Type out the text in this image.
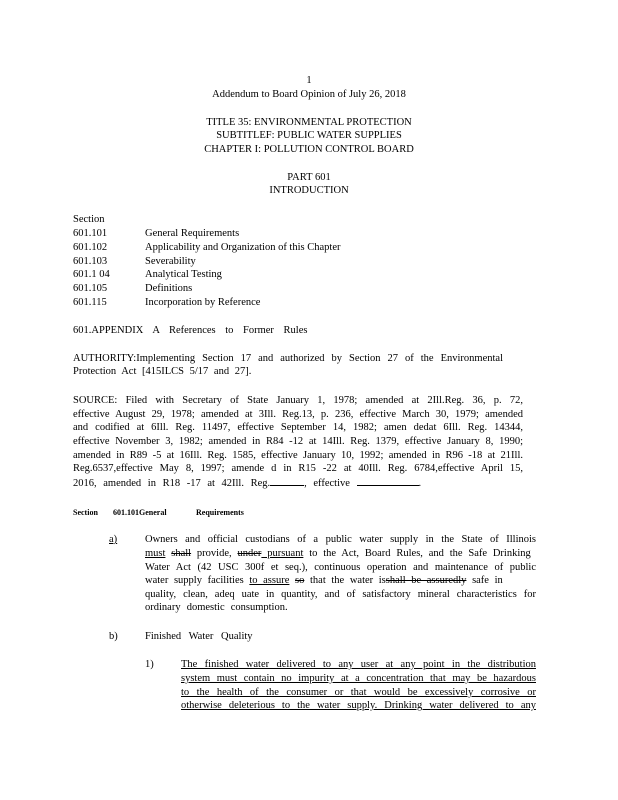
1
Addendum to Board Opinion of July 26, 2018
TITLE 35: ENVIRONMENTAL PROTECTION
SUBTITLEF: PUBLIC WATER SUPPLIES
CHAPTER I: POLLUTION CONTROL BOARD
PART 601
INTRODUCTION
Section
601.101	General Requirements
601.102	Applicability and Organization of this Chapter
601.103	Severability
601.1 04	Analytical Testing
601.105	Definitions
601.115	Incorporation by Reference
601.APPENDIX A References to Former Rules
AUTHORITY:Implementing Section 17 and authorized by Section 27 of the Environmental
Protection Act [415ILCS 5/17 and 27].
SOURCE: Filed with Secretary of State January 1, 1978; amended at 2Ill.Reg. 36, p. 72,
effective August 29, 1978; amended at 3Ill. Reg.13, p. 236, effective March 30, 1979; amended
and codified at 6Ill. Reg. 11497, effective September 14, 1982; amen dedat 6Ill. Reg. 14344,
effective November 3, 1982; amended in R84 -12 at 14Ill. Reg. 1379, effective January 8, 1990;
amended in R89 -5 at 16Ill. Reg. 1585, effective January 10, 1992; amended in R96 -18 at 21Ill.
Reg.6537,effective May 8, 1997; amende d in R15 -22 at 40Ill. Reg. 6784,effective April 15,
2016, amended in R18 -17 at 42Ill. Reg.	, effective	.
Section 601.101General	Requirements
a)	Owners and official custodians of a public water supply in the State of Illinois
must shall provide, under pursuant to the Act, Board Rules, and the Safe Drinking
Water Act (42 USC 300f et seq.), continuous operation and maintenance of public
water supply facilities to assure so that the water isshall be assuredly safe in
quality, clean, adeq uate in quantity, and of satisfactory mineral characteristics for
ordinary domestic consumption.
b)	Finished Water Quality
1)	The finished water delivered to any user at any point in the distribution
system must contain no impurity at a concentration that may be hazardous
to the health of the consumer or that would be excessively corrosive or
otherwise deleterious to the water supply. Drinking water delivered to any
